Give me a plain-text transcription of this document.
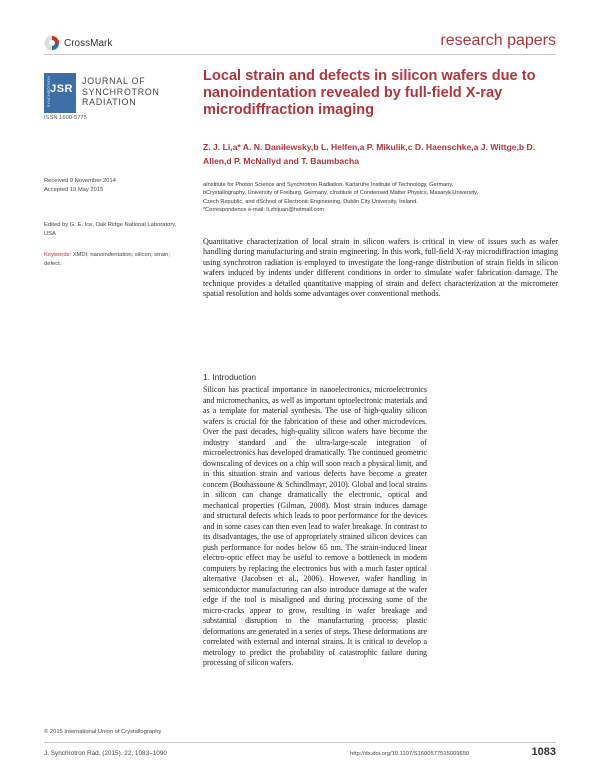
CrossMark	research papers
SYNCHROTRON JSR
JOURNAL OF
SYNCHROTRON
RADIATION
ISSN 1600-5775
Local strain and defects in silicon wafers due to nanoindentation revealed by full-field X-ray microdiffraction imaging
Z. J. Li,a* A. N. Danilewsky,b L. Helfen,a P. Mikulik,c D. Haenschke,a J. Wittge,b D. Allen,d P. McNallyd and T. Baumbacha
Received 9 November 2014
Accepted 19 May 2015
Edited by G. E. Ice, Oak Ridge National Laboratory, USA
Keywords: XMDI; nanoindentation; silicon; strain; defect.
aInstitute for Photon Science and Synchrotron Radiation, Karlsruhe Institute of Technology, Germany,
bCrystallography, University of Freiburg, Germany, cInstitute of Condensed Matter Physics, Masaryk University,
Czech Republic, and dSchool of Electronic Engineering, Dublin City University, Ireland.
*Correspondence e-mail: li.zhijuan@hotmail.com
Quantitative characterization of local strain in silicon wafers is critical in view of issues such as wafer handling during manufacturing and strain engineering. In this work, full-field X-ray microdiffraction imaging using synchrotron radiation is employed to investigate the long-range distribution of strain fields in silicon wafers induced by indents under different conditions in order to simulate wafer fabrication damage. The technique provides a detailed quantitative mapping of strain and defect characterization at the micrometer spatial resolution and holds some advantages over conventional methods.
1. Introduction
Silicon has practical importance in nanoelectronics, microelectronics and micromechanics, as well as important optoelectronic materials and as a template for material synthesis. The use of high-quality silicon wafers is crucial for the fabrication of these and other microdevices. Over the past decades, high-quality silicon wafers have become the industry standard and the ultra-large-scale integration of microelectronics has developed dramatically. The continued geometric downscaling of devices on a chip will soon reach a physical limit, and in this situation strain and various defects have become a greater concern (Bouhassoune & Schindlmayr, 2010). Global and local strains in silicon can change dramatically the electronic, optical and mechanical properties (Gilman, 2008). Most strain induces damage and structural defects which leads to poor performance for the devices and in some cases can then even lead to wafer breakage. In contrast to its disadvantages, the use of appropriately strained silicon devices can push performance for nodes below 65 nm. The strain-induced linear electro-optic effect may be useful to remove a bottleneck in modern computers by replacing the electronics bus with a much faster optical alternative (Jacobsen et al., 2006). However, wafer handling in semiconductor manufacturing can also introduce damage at the wafer edge if the tool is misaligned and during processing some of the micro-cracks appear to grow, resulting in wafer breakage and substantial disruption to the manufacturing process; plastic deformations are generated in a series of steps. These deformations are correlated with external and internal strains. It is critical to develop a metrology to predict the probability of catastrophic failure during processing of silicon wafers.
© 2015 International Union of Crystallography
J. Synchrotron Rad. (2015). 22, 1083–1090	http://dx.doi.org/10.1107/S1600577515009650	1083
